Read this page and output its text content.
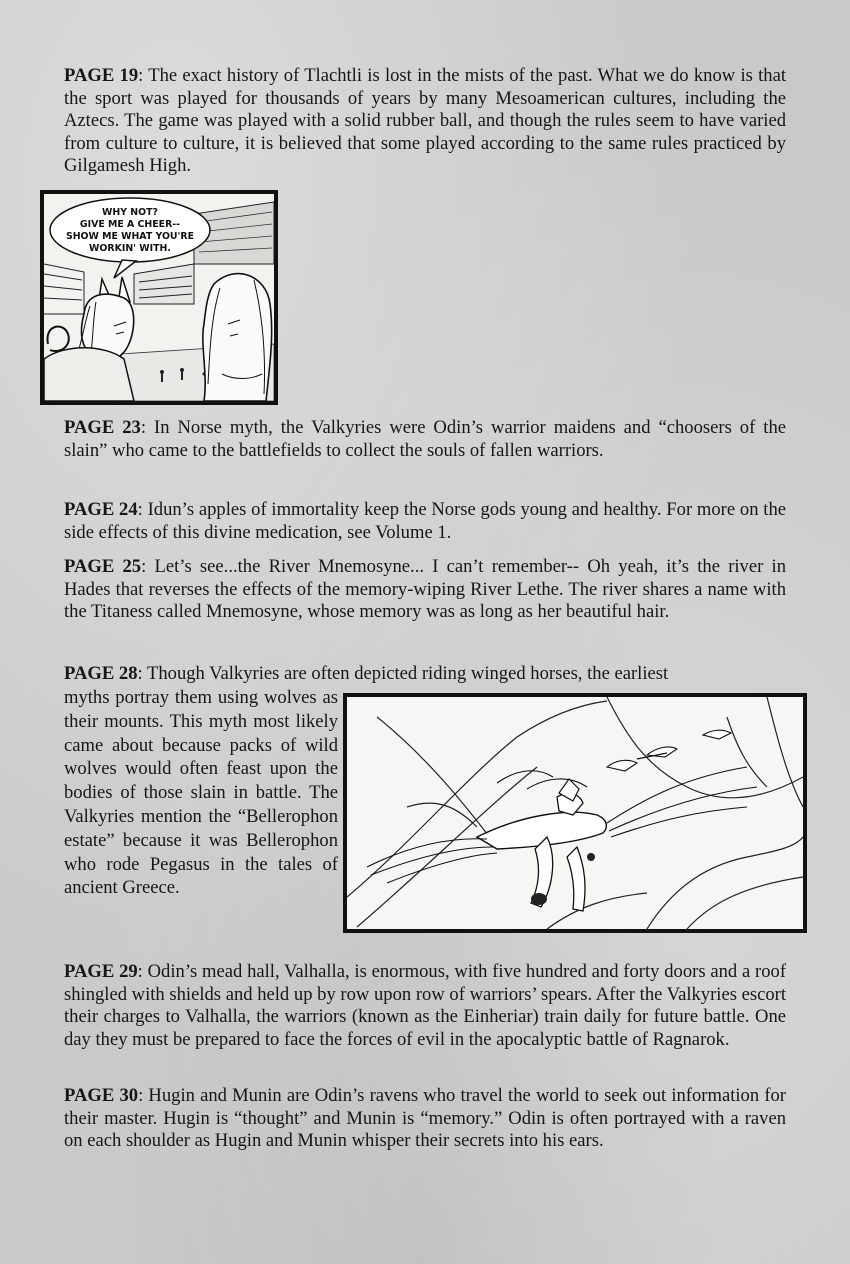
PAGE 19: The exact history of Tlachtli is lost in the mists of the past. What we do know is that the sport was played for thousands of years by many Mesoamerican cultures, including the Aztecs. The game was played with a solid rubber ball, and though the rules seem to have varied from culture to culture, it is believed that some played according to the same rules practiced by Gilgamesh High.

WHY NOT?
GIVE ME A CHEER--
SHOW ME WHAT YOU'RE
WORKIN' WITH.

PAGE 23: In Norse myth, the Valkyries were Odin’s warrior maidens and “choosers of the slain” who came to the battlefields to collect the souls of fallen warriors.

PAGE 24: Idun’s apples of immortality keep the Norse gods young and healthy. For more on the side effects of this divine medication, see Volume 1.

PAGE 25: Let’s see...the River Mnemosyne... I can’t remember-- Oh yeah, it’s the river in Hades that reverses the effects of the memory-wiping River Lethe. The river shares a name with the Titaness called Mnemosyne, whose memory was as long as her beautiful hair.

PAGE 28: Though Valkyries are often depicted riding winged horses, the earliest

myths portray them using wolves as their mounts. This myth most likely came about because packs of wild wolves would often feast upon the bodies of those slain in battle. The Valkyries mention the “Bellerophon estate” because it was Bellerophon who rode Pegasus in the tales of ancient Greece.

PAGE 29: Odin’s mead hall, Valhalla, is enormous, with five hundred and forty doors and a roof shingled with shields and held up by row upon row of warriors’ spears. After the Valkyries escort their charges to Valhalla, the warriors (known as the Einheriar) train daily for future battle. One day they must be prepared to face the forces of evil in the apocalyptic battle of Ragnarok.

PAGE 30: Hugin and Munin are Odin’s ravens who travel the world to seek out information for their master. Hugin is “thought” and Munin is “memory.” Odin is often portrayed with a raven on each shoulder as Hugin and Munin whisper their secrets into his ears.
